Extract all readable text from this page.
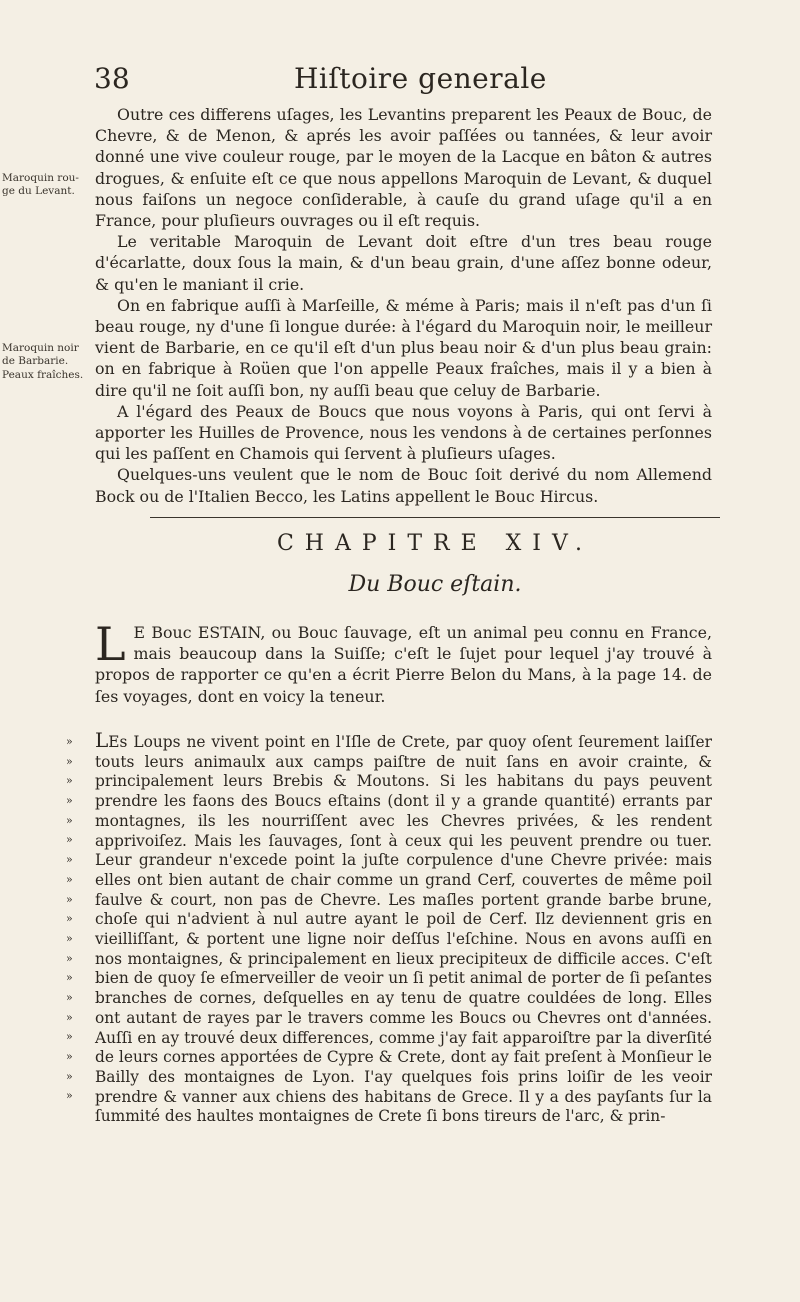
38	Hiſtoire generale
Maroquin rou-ge du Levant.
Maroquin noir de Barbarie.
Peaux fraîches.

Outre ces differens uſages, les Levantins preparent les Peaux de Bouc, de Chevre, & de Menon, & aprés les avoir paſſées ou tannées, & leur avoir donné une vive couleur rouge, par le moyen de la Lacque en bâton & autres drogues, & enſuite eſt ce que nous appellons Maroquin de Levant, & duquel nous faiſons un negoce conſiderable, à cauſe du grand uſage qu'il a en France, pour pluſieurs ouvrages ou il eſt requis.

Le veritable Maroquin de Levant doit eſtre d'un tres beau rouge d'écarlatte, doux ſous la main, & d'un beau grain, d'une aſſez bonne odeur, & qu'en le maniant il crie.

On en fabrique auſſi à Marſeille, & méme à Paris; mais il n'eſt pas d'un ſi beau rouge, ny d'une ſi longue durée: à l'égard du Maroquin noir, le meilleur vient de Barbarie, en ce qu'il eſt d'un plus beau noir & d'un plus beau grain: on en fabrique à Roüen que l'on appelle Peaux fraîches, mais il y a bien à dire qu'il ne ſoit auſſi bon, ny auſſi beau que celuy de Barbarie.

A l'égard des Peaux de Boucs que nous voyons à Paris, qui ont ſervi à apporter les Huilles de Provence, nous les vendons à de certaines perſonnes qui les paſſent en Chamois qui ſervent à pluſieurs uſages.

Quelques-uns veulent que le nom de Bouc ſoit derivé du nom Allemend Bock ou de l'Italien Becco, les Latins appellent le Bouc Hircus.

CHAPITRE XIV.
Du Bouc eſtain.

L E Bouc ESTAIN, ou Bouc ſauvage, eſt un animal peu connu en France, mais beaucoup dans la Suiſſe; c'eſt le ſujet pour lequel j'ay trouvé à propos de rapporter ce qu'en a écrit Pierre Belon du Mans, à la page 14. de ſes voyages, dont en voicy la teneur.

»
»
»
»
»
»
»
»
»
»
»
»
»
»
»
»
»
»
»

LEs Loups ne vivent point en l'Iſle de Crete, par quoy oſent ſeurement laiſſer touts leurs animaulx aux camps paiſtre de nuit ſans en avoir crainte, & principalement leurs Brebis & Moutons. Si les habitans du pays peuvent prendre les faons des Boucs eſtains (dont il y a grande quantité) errants par montagnes, ils les nourriſſent avec les Chevres privées, & les rendent apprivoiſez. Mais les ſauvages, ſont à ceux qui les peuvent prendre ou tuer. Leur grandeur n'excede point la juſte corpulence d'une Chevre privée: mais elles ont bien autant de chair comme un grand Cerf, couvertes de même poil faulve & court, non pas de Chevre. Les maſles portent grande barbe brune, choſe qui n'advient à nul autre ayant le poil de Cerf. Ilz deviennent gris en vieilliſſant, & portent une ligne noir deſſus l'eſchine. Nous en avons auſſi en nos montaignes, & principalement en lieux precipiteux de difficile acces. C'eſt bien de quoy ſe eſmerveiller de veoir un ſi petit animal de porter de ſi peſantes branches de cornes, deſquelles en ay tenu de quatre couldées de long. Elles ont autant de rayes par le travers comme les Boucs ou Chevres ont d'années. Auſſi en ay trouvé deux differences, comme j'ay fait apparoiſtre par la diverſité de leurs cornes apportées de Cypre & Crete, dont ay fait preſent à Monſieur le Bailly des montaignes de Lyon. I'ay quelques fois prins loiſir de les veoir prendre & vanner aux chiens des habitans de Grece. Il y a des payſants ſur la ſummité des haultes montaignes de Crete ſi bons tireurs de l'arc, & prin-
